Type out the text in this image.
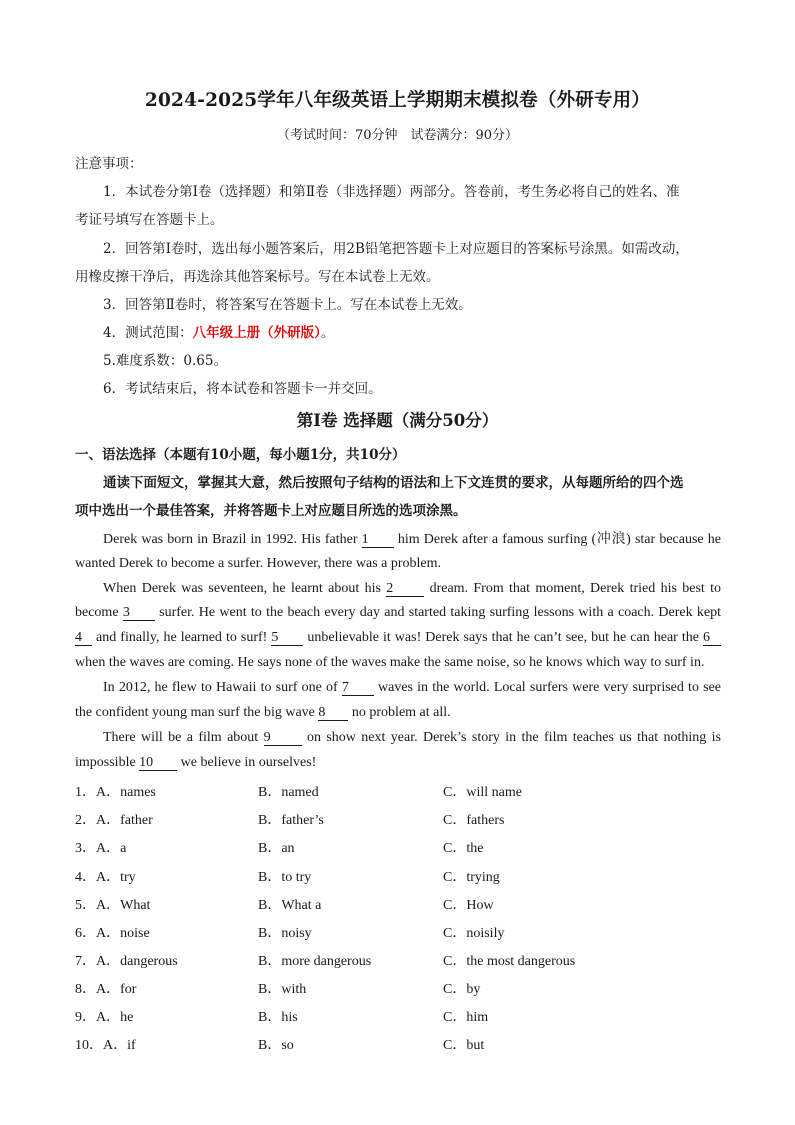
2024-2025学年八年级英语上学期期末模拟卷（外研专用）
（考试时间：70分钟　试卷满分：90分）
注意事项：
1．本试卷分第Ⅰ卷（选择题）和第Ⅱ卷（非选择题）两部分。答卷前，考生务必将自己的姓名、准
考证号填写在答题卡上。
2．回答第Ⅰ卷时，选出每小题答案后，用2B铅笔把答题卡上对应题目的答案标号涂黑。如需改动，
用橡皮擦干净后，再选涂其他答案标号。写在本试卷上无效。
3．回答第Ⅱ卷时，将答案写在答题卡上。写在本试卷上无效。
4．测试范围：八年级上册（外研版）。
5.难度系数：0.65。
6．考试结束后，将本试卷和答题卡一并交回。
第Ⅰ卷 选择题（满分50分）
一、语法选择（本题有10小题，每小题1分，共10分）
通读下面短文，掌握其大意，然后按照句子结构的语法和上下文连贯的要求，从每题所给的四个选
项中选出一个最佳答案，并将答题卡上对应题目所选的选项涂黑。
Derek was born in Brazil in 1992. His father 1 him Derek after a famous surfing (冲浪) star because he
wanted Derek to become a surfer. However, there was a problem.
When Derek was seventeen, he learnt about his 2	dream. From that moment, Derek tried his best to
become 3 surfer. He went to the beach every day and started taking surfing lessons with a coach. Derek kept
4 and finally, he learned to surf! 5 unbelievable it was! Derek says that he can’t see, but he can hear the 6
when the waves are coming. He says none of the waves make the same noise, so he knows which way to surf in.
In 2012, he flew to Hawaii to surf one of 7 waves in the world. Local surfers were very surprised to see
the confident young man surf the big wave 8 no problem at all.
There will be a film about 9	on show next year. Derek’s story in the film teaches us that nothing is
impossible 10 we believe in ourselves!
1．A．names	B．named	C．will name
2．A．father	B．father’s	C．fathers
3．A．a	B．an	C．the
4．A．try	B．to try	C．trying
5．A．What	B．What a	C．How
6．A．noise	B．noisy	C．noisily
7．A．dangerous	B．more dangerous	C．the most dangerous
8．A．for	B．with	C．by
9．A．he	B．his	C．him
10．A．if	B．so	C．but
